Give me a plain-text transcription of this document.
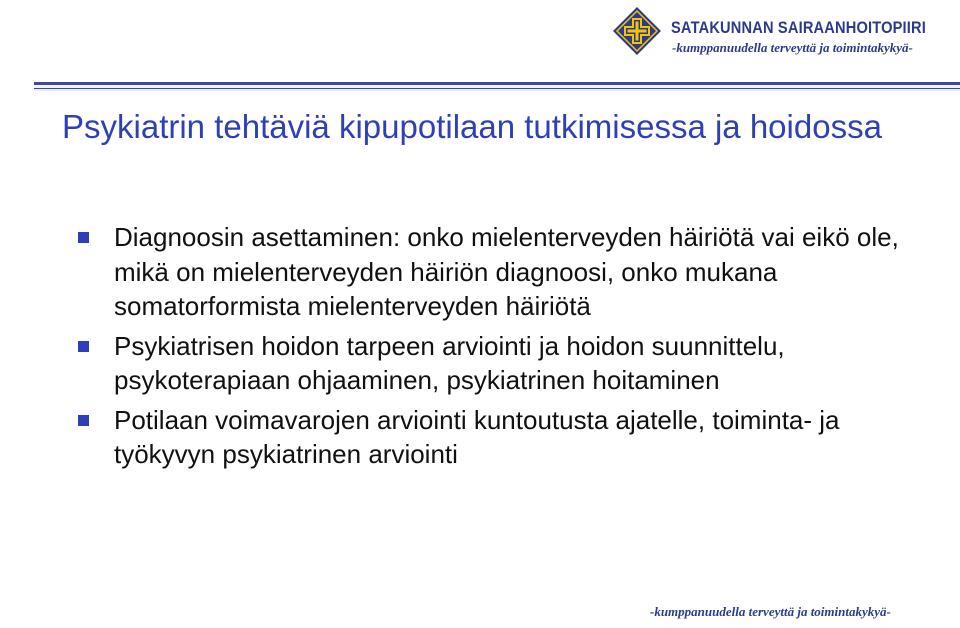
SATAKUNNAN SAIRAANHOITOPIIRI
-kumppanuudella terveyttä ja toimintakykyä-
Psykiatrin tehtäviä kipupotilaan tutkimisessa ja hoidossa
Diagnoosin asettaminen: onko mielenterveyden häiriötä vai eikö ole, mikä on mielenterveyden häiriön diagnoosi, onko mukana somatorformista mielenterveyden häiriötä
Psykiatrisen hoidon tarpeen arviointi ja hoidon suunnittelu, psykoterapiaan ohjaaminen, psykiatrinen hoitaminen
Potilaan voimavarojen arviointi kuntoutusta ajatelle, toiminta- ja työkyvyn psykiatrinen arviointi
-kumppanuudella terveyttä ja toimintakykyä-
